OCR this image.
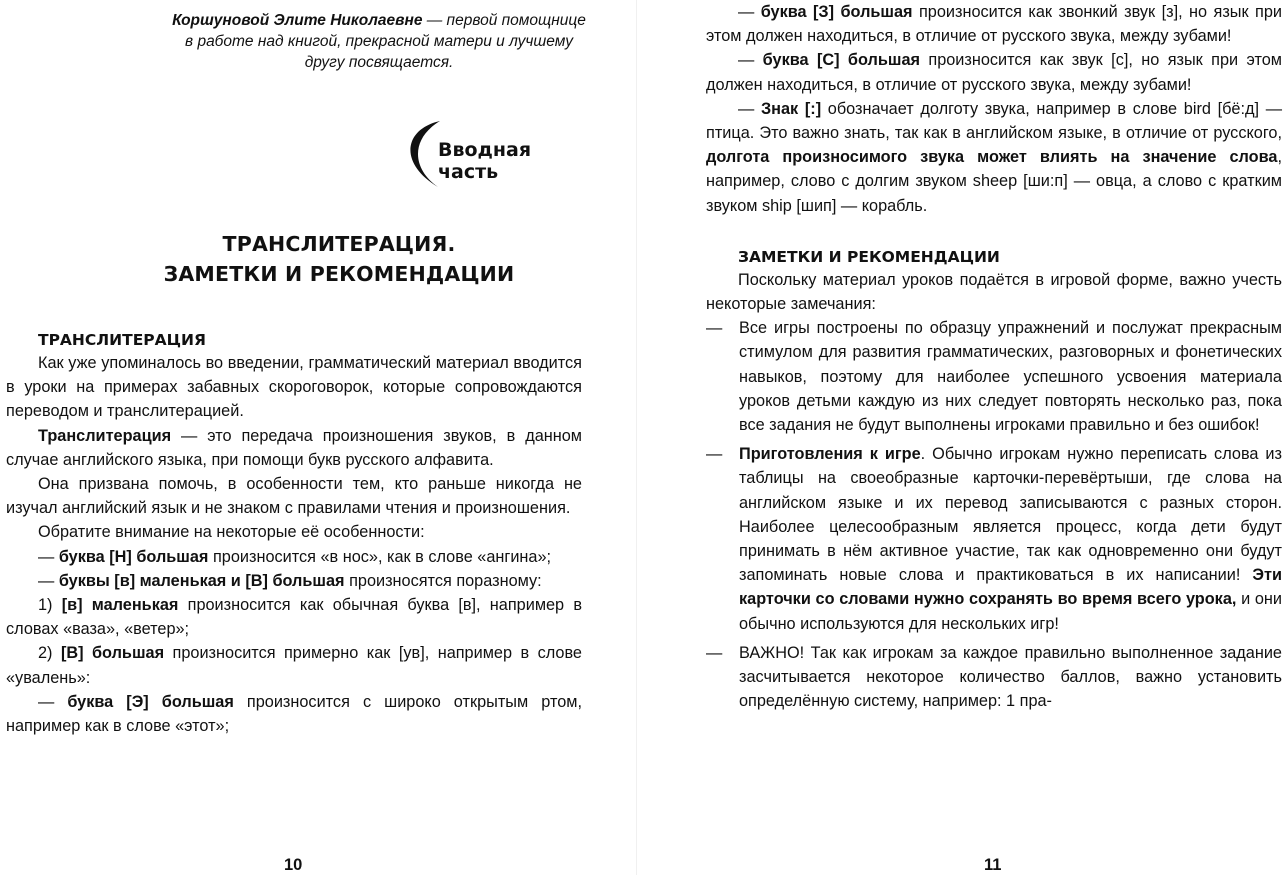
Коршуновой Элите Николаевне — первой помощнице в работе над книгой, прекрасной матери и лучшему другу посвящается.
Вводная часть
ТРАНСЛИТЕРАЦИЯ.
ЗАМЕТКИ И РЕКОМЕНДАЦИИ
ТРАНСЛИТЕРАЦИЯ

Как уже упоминалось во введении, грамматический материал вводится в уроки на примерах забавных скороговорок, которые сопровождаются переводом и транслитерацией.

Транслитерация — это передача произношения звуков, в данном случае английского языка, при помощи букв русского алфавита.

Она призвана помочь, в особенности тем, кто раньше никогда не изучал английский язык и не знаком с правилами чтения и произношения.

Обратите внимание на некоторые её особенности:

— буква [Н] большая произносится «в нос», как в слове «ангина»;

— буквы [в] маленькая и [В] большая произносятся поразному:

1) [в] маленькая произносится как обычная буква [в], например в словах «ваза», «ветер»;

2) [В] большая произносится примерно как [ув], например в слове «увалень»:

— буква [Э] большая произносится с широко открытым ртом, например как в слове «этот»;

10

— буква [З] большая произносится как звонкий звук [з], но язык при этом должен находиться, в отличие от русского звука, между зубами!

— буква [С] большая произносится как звук [с], но язык при этом должен находиться, в отличие от русского звука, между зубами!

— Знак [:] обозначает долготу звука, например в слове bird [бё:д] — птица. Это важно знать, так как в английском языке, в отличие от русского, долгота произносимого звука может влиять на значение слова, например, слово с долгим звуком sheep [ши:п] — овца, а слово с кратким звуком ship [шип] — корабль.

ЗАМЕТКИ И РЕКОМЕНДАЦИИ

Поскольку материал уроков подаётся в игровой форме, важно учесть некоторые замечания:

— Все игры построены по образцу упражнений и послужат прекрасным стимулом для развития грамматических, разговорных и фонетических навыков, поэтому для наиболее успешного усвоения материала уроков детьми каждую из них следует повторять несколько раз, пока все задания не будут выполнены игроками правильно и без ошибок!
— Приготовления к игре. Обычно игрокам нужно переписать слова из таблицы на своеобразные карточки-перевёртыши, где слова на английском языке и их перевод записываются с разных сторон. Наиболее целесообразным является процесс, когда дети будут принимать в нём активное участие, так как одновременно они будут запоминать новые слова и практиковаться в их написании! Эти карточки со словами нужно сохранять во время всего урока, и они обычно используются для нескольких игр!
— ВАЖНО! Так как игрокам за каждое правильно выполненное задание засчитывается некоторое количество баллов, важно установить определённую систему, например: 1 пра-
11
